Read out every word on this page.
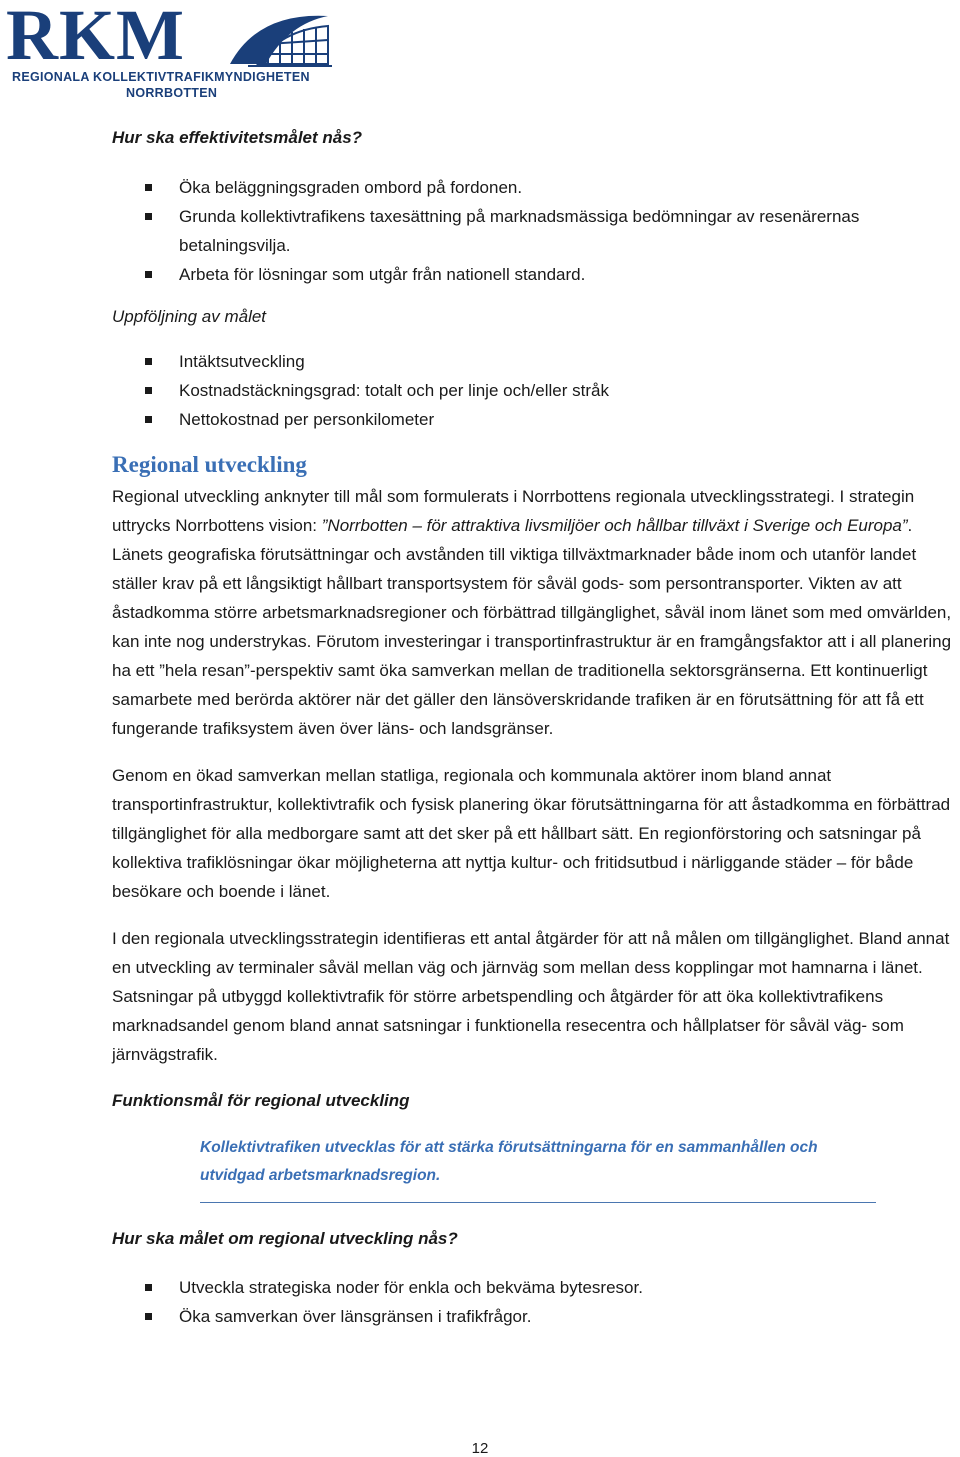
RKM
REGIONALA KOLLEKTIVTRAFIKMYNDIGHETEN
NORRBOTTEN

Hur ska effektivitetsmålet nås?

Öka beläggningsgraden ombord på fordonen.
Grunda kollektivtrafikens taxesättning på marknadsmässiga bedömningar av resenärernas betalningsvilja.
Arbeta för lösningar som utgår från nationell standard.

Uppföljning av målet

Intäktsutveckling
Kostnadstäckningsgrad: totalt och per linje och/eller stråk
Nettokostnad per personkilometer
Regional utveckling

Regional utveckling anknyter till mål som formulerats i Norrbottens regionala utvecklingsstrategi. I strategin uttrycks Norrbottens vision: ”Norrbotten – för attraktiva livsmiljöer och hållbar tillväxt i Sverige och Europa”. Länets geografiska förutsättningar och avstånden till viktiga tillväxtmarknader både inom och utanför landet ställer krav på ett långsiktigt hållbart transportsystem för såväl gods- som persontransporter. Vikten av att åstadkomma större arbetsmarknadsregioner och förbättrad tillgänglighet, såväl inom länet som med omvärlden, kan inte nog understrykas. Förutom investeringar i transportinfrastruktur är en framgångsfaktor att i all planering ha ett ”hela resan”-perspektiv samt öka samverkan mellan de traditionella sektorsgränserna. Ett kontinuerligt samarbete med berörda aktörer när det gäller den länsöverskridande trafiken är en förutsättning för att få ett fungerande trafiksystem även över läns- och landsgränser.

Genom en ökad samverkan mellan statliga, regionala och kommunala aktörer inom bland annat transportinfrastruktur, kollektivtrafik och fysisk planering ökar förutsättningarna för att åstadkomma en förbättrad tillgänglighet för alla medborgare samt att det sker på ett hållbart sätt. En regionförstoring och satsningar på kollektiva trafiklösningar ökar möjligheterna att nyttja kultur- och fritidsutbud i närliggande städer – för både besökare och boende i länet.

I den regionala utvecklingsstrategin identifieras ett antal åtgärder för att nå målen om tillgänglighet. Bland annat en utveckling av terminaler såväl mellan väg och järnväg som mellan dess kopplingar mot hamnarna i länet. Satsningar på utbyggd kollektivtrafik för större arbetspendling och åtgärder för att öka kollektivtrafikens marknadsandel genom bland annat satsningar i funktionella resecentra och hållplatser för såväl väg- som järnvägstrafik.

Funktionsmål för regional utveckling

Kollektivtrafiken utvecklas för att stärka förutsättningarna för en sammanhållen och utvidgad arbetsmarknadsregion.

Hur ska målet om regional utveckling nås?

Utveckla strategiska noder för enkla och bekväma bytesresor.
Öka samverkan över länsgränsen i trafikfrågor.
12
